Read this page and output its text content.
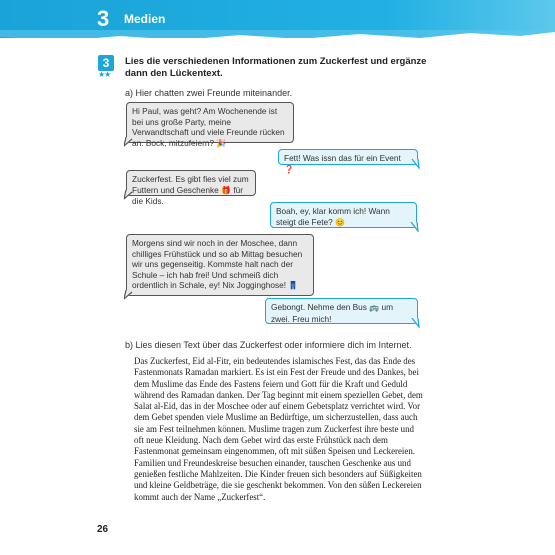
3 Medien
3
★★
Lies die verschiedenen Informationen zum Zuckerfest und ergänze dann den Lückentext.
a) Hier chatten zwei Freunde miteinander.
Hi Paul, was geht? Am Wochenende ist bei uns große Party, meine Verwandtschaft und viele Freunde rücken an. Bock, mitzufeiern? 🎉
Fett! Was issn das für ein Event ❓
Zuckerfest. Es gibt fies viel zum Futtern und Geschenke 🎁 für die Kids.
Boah, ey, klar komm ich! Wann steigt die Fete? 😊
Morgens sind wir noch in der Moschee, dann chilliges Frühstück und so ab Mittag besuchen wir uns gegenseitig. Kommste halt nach der Schule – ich hab frei! Und schmeiß dich ordentlich in Schale, ey! Nix Jogginghose! 👖
Gebongt. Nehme den Bus 🚌 um zwei. Freu mich!
b) Lies diesen Text über das Zuckerfest oder informiere dich im Internet.
Das Zuckerfest, Eid al-Fitr, ein bedeutendes islamisches Fest, das das Ende des Fastenmonats Ramadan markiert. Es ist ein Fest der Freude und des Dankes, bei dem Muslime das Ende des Fastens feiern und Gott für die Kraft und Geduld während des Ramadan danken. Der Tag beginnt mit einem speziellen Gebet, dem Salat al-Eid, das in der Moschee oder auf einem Gebetsplatz verrichtet wird. Vor dem Gebet spenden viele Muslime an Bedürftige, um sicherzustellen, dass auch sie am Fest teilnehmen können. Muslime tragen zum Zuckerfest ihre beste und oft neue Kleidung. Nach dem Gebet wird das erste Frühstück nach dem Fastenmonat gemeinsam eingenommen, oft mit süßen Speisen und Leckereien. Familien und Freundeskreise besuchen einander, tauschen Geschenke aus und genießen festliche Mahlzeiten. Die Kinder freuen sich besonders auf Süßigkeiten und kleine Geldbeträge, die sie geschenkt bekommen. Von den süßen Leckereien kommt auch der Name „Zuckerfest“.
26
